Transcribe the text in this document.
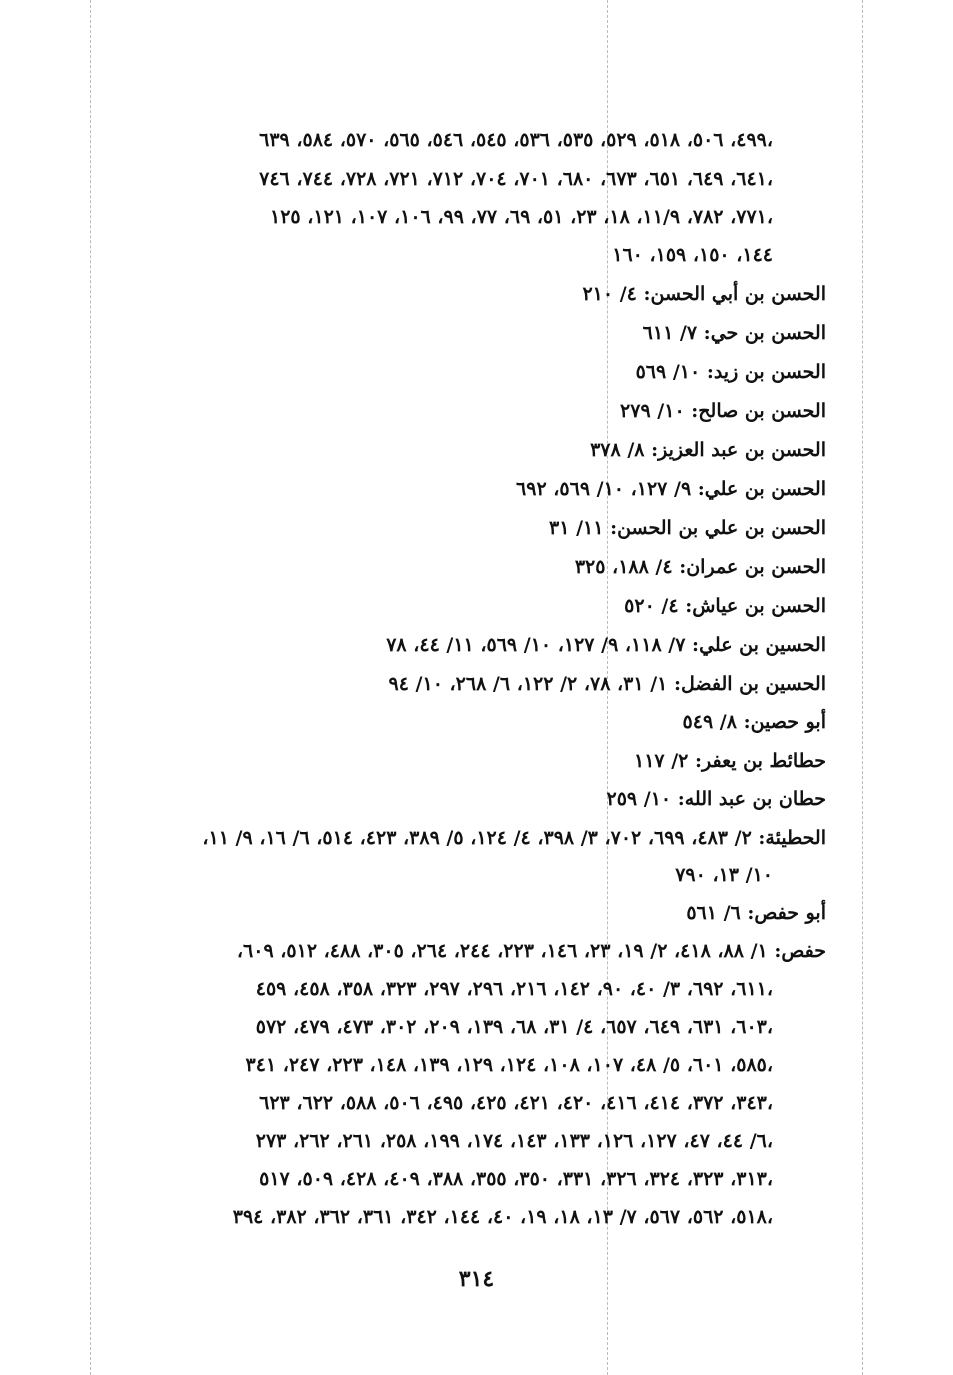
٤٩٩، ٥٠٦، ٥١٨، ٥٢٩، ٥٣٥، ٥٣٦، ٥٤٥، ٥٤٦، ٥٦٥، ٥٧٠، ٥٨٤، ٦٣٩،
٦٤١، ٦٤٩، ٦٥١، ٦٧٣، ٦٨٠، ٧٠١، ٧٠٤، ٧١٢، ٧٢١، ٧٢٨، ٧٤٤، ٧٤٦،
٧٧١، ٧٨٢، ١١/٩، ١٨، ٢٣، ٥١، ٦٩، ٧٧، ٩٩، ١٠٦، ١٠٧، ١٢١، ١٢٥،
١٤٤، ١٥٠، ١٥٩، ١٦٠
الحسن بن أبي الحسن: ٤/ ٢١٠
الحسن بن حي: ٧/ ٦١١
الحسن بن زيد: ١٠/ ٥٦٩
الحسن بن صالح: ١٠/ ٢٧٩
الحسن بن عبد العزيز: ٨/ ٣٧٨
الحسن بن علي: ٩/ ١٢٧، ١٠/ ٥٦٩، ٦٩٢
الحسن بن علي بن الحسن: ١١/ ٣١
الحسن بن عمران: ٤/ ١٨٨، ٣٢٥
الحسن بن عياش: ٤/ ٥٢٠
الحسين بن علي: ٧/ ١١٨، ٩/ ١٢٧، ١٠/ ٥٦٩، ١١/ ٤٤، ٧٨
الحسين بن الفضل: ١/ ٣١، ٧٨، ٢/ ١٢٢، ٦/ ٢٦٨، ١٠/ ٩٤
أبو حصين: ٨/ ٥٤٩
حطائط بن يعفر: ٢/ ١١٧
حطان بن عبد الله: ١٠/ ٢٥٩
الحطيئة: ٢/ ٤٨٣، ٦٩٩، ٧٠٢، ٣/ ٣٩٨، ٤/ ١٢٤، ٥/ ٣٨٩، ٤٢٣، ٥١٤، ٦/ ١٦، ٩/ ١١،
١٠/ ١٣، ٧٩٠
أبو حفص: ٦/ ٥٦١
حفص: ١/ ٨٨، ٤١٨، ٢/ ١٩، ٢٣، ١٤٦، ٢٢٣، ٢٤٤، ٢٦٤، ٣٠٥، ٤٨٨، ٥١٢، ٦٠٩،
٦١١، ٦٩٢، ٣/ ٤٠، ٩٠، ١٤٢، ٢١٦، ٢٩٦، ٢٩٧، ٣٢٣، ٣٥٨، ٤٥٨، ٤٥٩،
٦٠٣، ٦٣١، ٦٤٩، ٦٥٧، ٤/ ٣١، ٦٨، ١٣٩، ٢٠٩، ٣٠٢، ٤٧٣، ٤٧٩، ٥٧٢،
٥٨٥، ٦٠١، ٥/ ٤٨، ١٠٧، ١٠٨، ١٢٤، ١٢٩، ١٣٩، ١٤٨، ٢٢٣، ٢٤٧، ٣٤١،
٣٤٣، ٣٧٢، ٤١٤، ٤١٦، ٤٢٠، ٤٢١، ٤٢٥، ٤٩٥، ٥٠٦، ٥٨٨، ٦٢٢، ٦٢٣،
٦/ ٤٤، ٤٧، ١٢٧، ١٢٦، ١٣٣، ١٤٣، ١٧٤، ١٩٩، ٢٥٨، ٢٦١، ٢٦٢، ٢٧٣،
٣١٣، ٣٢٣، ٣٢٤، ٣٢٦، ٣٣١، ٣٥٠، ٣٥٥، ٣٨٨، ٤٠٩، ٤٢٨، ٥٠٩، ٥١٧،
٥١٨، ٥٦٢، ٥٦٧، ٧/ ١٣، ١٨، ١٩، ٤٠، ١٤٤، ٣٤٢، ٣٦١، ٣٦٢، ٣٨٢، ٣٩٤،
٣١٤
